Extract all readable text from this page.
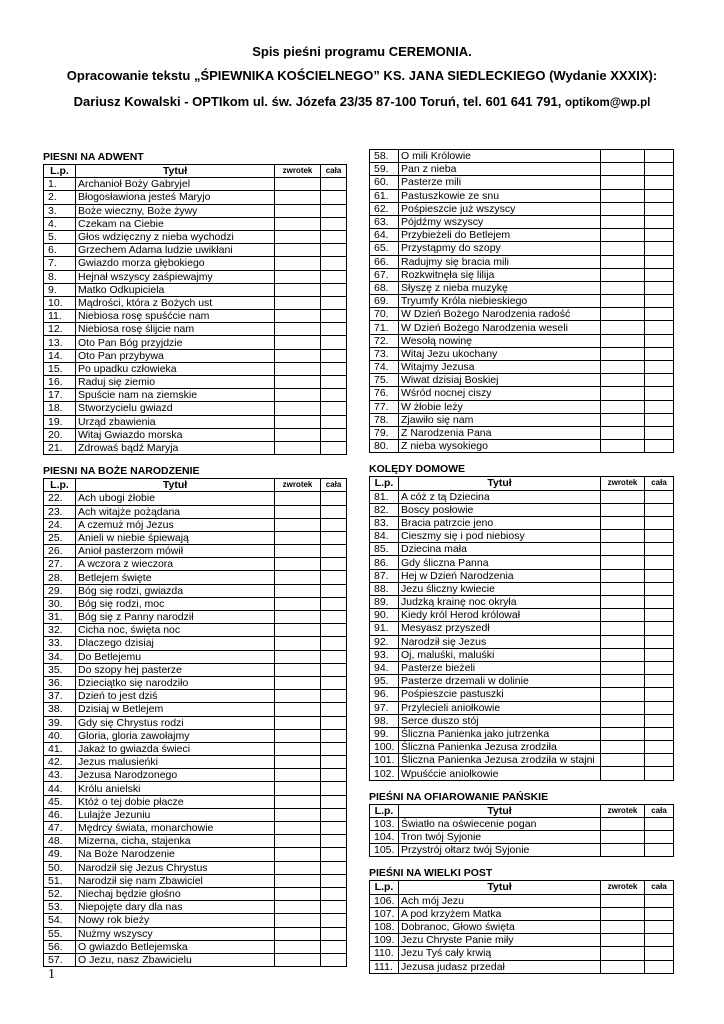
Spis pieśni programu CEREMONIA.
Opracowanie tekstu „ŚPIEWNIKA KOŚCIELNEGO” KS. JANA SIEDLECKIEGO (Wydanie XXXIX):
Dariusz Kowalski - OPTIkom ul. św. Józefa 23/35 87-100 Toruń, tel. 601 641 791, optikom@wp.pl
PIESNI NA ADWENT
L.p.	Tytuł	zwrotek	cała
1.	Archanioł Boży Gabryjel		
2.	Błogosławiona jesteś Maryjo		
3.	Boże wieczny, Boże żywy		
4.	Czekam na Ciebie		
5.	Głos wdzięczny z nieba wychodzi		
6.	Grzechem Adama ludzie uwikłani		
7.	Gwiazdo morza głębokiego		
8.	Hejnał wszyscy zaśpiewajmy		
9.	Matko Odkupiciela		
10.	Mądrości, która z Bożych ust		
11.	Niebiosa rosę spuśćcie nam		
12.	Niebiosa rosę ślijcie nam		
13.	Oto Pan Bóg przyjdzie		
14.	Oto Pan przybywa		
15.	Po upadku człowieka		
16.	Raduj się ziemio		
17.	Spuście nam na ziemskie		
18.	Stworzycielu gwiazd		
19.	Urząd zbawienia		
20.	Witaj Gwiazdo morska		
21.	Zdrowaś bądź Maryja		
PIESNI NA BOŻE NARODZENIE
L.p.	Tytuł	zwrotek	cała
22.	Ach ubogi żłobie		
23.	Ach witajże pożądana		
24.	A czemuż mój Jezus		
25.	Anieli w niebie śpiewają		
26.	Anioł pasterzom mówił		
27.	A wczora z wieczora		
28.	Betlejem święte		
29.	Bóg się rodzi, gwiazda		
30.	Bóg się rodzi, moc		
31.	Bóg się z Panny narodził		
32.	Cicha noc, święta noc		
33.	Dlaczego dzisiaj		
34.	Do Betlejemu		
35.	Do szopy hej pasterze		
36.	Dzieciątko się narodziło		
37.	Dzień to jest dziś		
38.	Dzisiaj w Betlejem		
39.	Gdy się Chrystus rodzi		
40.	Gloria, gloria zawołajmy		
41.	Jakaż to gwiazda świeci		
42.	Jezus malusieńki		
43.	Jezusa Narodzonego		
44.	Królu anielski		
45.	Któż o tej dobie płacze		
46.	Lulajże Jezuniu		
47.	Mędrcy świata, monarchowie		
48.	Mizerna, cicha, stajenka		
49.	Na Boże Narodzenie		
50.	Narodził się Jezus Chrystus		
51.	Narodził się nam Zbawiciel		
52.	Niechaj będzie głośno		
53.	Niepojęte dary dla nas		
54.	Nowy rok bieży		
55.	Nużmy wszyscy		
56.	O gwiazdo Betlejemska		
57.	O Jezu, nasz Zbawicielu		
58.	O mili Królowie		
59.	Pan z nieba		
60.	Pasterze mili		
61.	Pastuszkowie ze snu		
62.	Pośpieszcie już wszyscy		
63.	Pójdźmy wszyscy		
64.	Przybieżeli do Betlejem		
65.	Przystąpmy do szopy		
66.	Radujmy się bracia mili		
67.	Rozkwitnęła się lilija		
68.	Słyszę z nieba muzykę		
69.	Tryumfy Króla niebieskiego		
70.	W Dzień Bożego Narodzenia radość		
71.	W Dzień Bożego Narodzenia weseli		
72.	Wesołą nowinę		
73.	Witaj Jezu ukochany		
74.	Witajmy Jezusa		
75.	Wiwat dzisiaj Boskiej		
76.	Wśród nocnej ciszy		
77.	W żłobie leży		
78.	Zjawiło się nam		
79.	Z Narodzenia Pana		
80.	Z nieba wysokiego		
KOLĘDY DOMOWE
L.p.	Tytuł	zwrotek	cała
81.	A cóż z tą Dziecina		
82.	Boscy posłowie		
83.	Bracia patrzcie jeno		
84.	Cieszmy się i pod niebiosy		
85.	Dziecina mała		
86.	Gdy śliczna Panna		
87.	Hej w Dzień Narodzenia		
88.	Jezu śliczny kwiecie		
89.	Judzką krainę noc okryła		
90.	Kiedy król Herod królował		
91.	Mesyasz przyszedł		
92.	Narodził się Jezus		
93.	Oj, maluśki, maluśki		
94.	Pasterze bieżeli		
95.	Pasterze drzemali w dolinie		
96.	Pośpieszcie pastuszki		
97.	Przylecieli aniołkowie		
98.	Serce duszo stój		
99.	Śliczna Panienka jako jutrzenka		
100.	Śliczna Panienka Jezusa zrodziła		
101.	Śliczna Panienka Jezusa zrodziła w stajni		
102.	Wpuśćcie aniołkowie		
PIEŚNI NA OFIAROWANIE PAŃSKIE
L.p.	Tytuł	zwrotek	cała
103.	Światło na oświecenie pogan		
104.	Tron twój Syjonie		
105.	Przystrój ołtarz twój Syjonie		
PIEŚNI NA WIELKI POST
L.p.	Tytuł	zwrotek	cała
106.	Ach mój Jezu		
107.	A pod krzyżem Matka		
108.	Dobranoc, Głowo święta		
109.	Jezu Chryste Panie miły		
110.	Jezu Tyś cały krwią		
111.	Jezusa judasz przedał		
1
